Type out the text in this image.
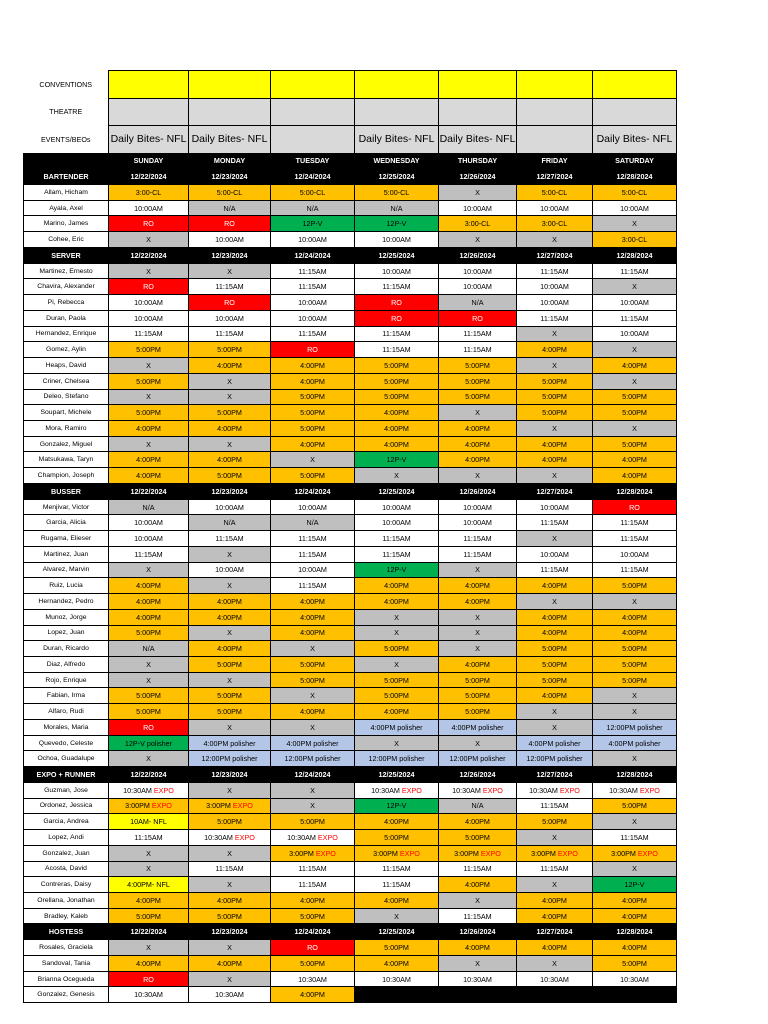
CONVENTIONS							
THEATRE							
EVENTS/BEOs	Daily Bites- NFL	Daily Bites- NFL		Daily Bites- NFL	Daily Bites- NFL		Daily Bites- NFL
	SUNDAY	MONDAY	TUESDAY	WEDNESDAY	THURSDAY	FRIDAY	SATURDAY
BARTENDER	12/22/2024	12/23/2024	12/24/2024	12/25/2024	12/26/2024	12/27/2024	12/28/2024
Allam, Hicham	3:00-CL	5:00-CL	5:00-CL	5:00-CL	X	5:00-CL	5:00-CL
Ayala, Axel	10:00AM	N/A	N/A	N/A	10:00AM	10:00AM	10:00AM
Marino, James	RO	RO	12P-V	12P-V	3:00-CL	3:00-CL	X
Cohee, Eric	X	10:00AM	10:00AM	10:00AM	X	X	3:00-CL
SERVER	12/22/2024	12/23/2024	12/24/2024	12/25/2024	12/26/2024	12/27/2024	12/28/2024
Martinez, Ernesto	X	X	11:15AM	10:00AM	10:00AM	11:15AM	11:15AM
Chavira, Alexander	RO	11:15AM	11:15AM	11:15AM	10:00AM	10:00AM	X
Pi, Rebecca	10:00AM	RO	10:00AM	RO	N/A	10:00AM	10:00AM
Duran, Paola	10:00AM	10:00AM	10:00AM	RO	RO	11:15AM	11:15AM
Hernandez, Enrique	11:15AM	11:15AM	11:15AM	11:15AM	11:15AM	X	10:00AM
Gomez, Aylin	5:00PM	5:00PM	RO	11:15AM	11:15AM	4:00PM	X
Heaps, David	X	4:00PM	4:00PM	5:00PM	5:00PM	X	4:00PM
Criner, Chelsea	5:00PM	X	4:00PM	5:00PM	5:00PM	5:00PM	X
Deleo, Stefano	X	X	5:00PM	5:00PM	5:00PM	5:00PM	5:00PM
Soupart, Michele	5:00PM	5:00PM	5:00PM	4:00PM	X	5:00PM	5:00PM
Mora, Ramiro	4:00PM	4:00PM	5:00PM	4:00PM	4:00PM	X	X
Gonzalez, Miguel	X	X	4:00PM	4:00PM	4:00PM	4:00PM	5:00PM
Matsukawa, Taryn	4:00PM	4:00PM	X	12P-V	4:00PM	4:00PM	4:00PM
Champion, Joseph	4:00PM	5:00PM	5:00PM	X	X	X	4:00PM
BUSSER	12/22/2024	12/23/2024	12/24/2024	12/25/2024	12/26/2024	12/27/2024	12/28/2024
Menjivar, Victor	N/A	10:00AM	10:00AM	10:00AM	10:00AM	10:00AM	RO
Garcia, Alicia	10:00AM	N/A	N/A	10:00AM	10:00AM	11:15AM	11:15AM
Rugama, Elieser	10:00AM	11:15AM	11:15AM	11:15AM	11:15AM	X	11:15AM
Martinez, Juan	11:15AM	X	11:15AM	11:15AM	11:15AM	10:00AM	10:00AM
Alvarez, Marvin	X	10:00AM	10:00AM	12P-V	X	11:15AM	11:15AM
Ruiz, Lucia	4:00PM	X	11:15AM	4:00PM	4:00PM	4:00PM	5:00PM
Hernandez, Pedro	4:00PM	4:00PM	4:00PM	4:00PM	4:00PM	X	X
Munoz, Jorge	4:00PM	4:00PM	4:00PM	X	X	4:00PM	4:00PM
Lopez, Juan	5:00PM	X	4:00PM	X	X	4:00PM	4:00PM
Duran, Ricardo	N/A	4:00PM	X	5:00PM	X	5:00PM	5:00PM
Diaz, Alfredo	X	5:00PM	5:00PM	X	4:00PM	5:00PM	5:00PM
Rojo, Enrique	X	X	5:00PM	5:00PM	5:00PM	5:00PM	5:00PM
Fabian, Irma	5:00PM	5:00PM	X	5:00PM	5:00PM	4:00PM	X
Alfaro, Rudi	5:00PM	5:00PM	4:00PM	4:00PM	5:00PM	X	X
Morales, Maria	RO	X	X	4:00PM polisher	4:00PM polisher	X	12:00PM polisher
Quevedo, Celeste	12P-V polisher	4:00PM polisher	4:00PM polisher	X	X	4:00PM polisher	4:00PM polisher
Ochoa, Guadalupe	X	12:00PM polisher	12:00PM polisher	12:00PM polisher	12:00PM polisher	12:00PM polisher	X
EXPO + RUNNER	12/22/2024	12/23/2024	12/24/2024	12/25/2024	12/26/2024	12/27/2024	12/28/2024
Guzman, Jose	10:30AM EXPO	X	X	10:30AM EXPO	10:30AM EXPO	10:30AM EXPO	10:30AM EXPO
Ordonez, Jessica	3:00PM EXPO	3:00PM EXPO	X	12P-V	N/A	11:15AM	5:00PM
Garcia, Andrea	10AM- NFL	5:00PM	5:00PM	4:00PM	4:00PM	5:00PM	X
Lopez, Andi	11:15AM	10:30AM EXPO	10:30AM EXPO	5:00PM	5:00PM	X	11:15AM
Gonzalez, Juan	X	X	3:00PM EXPO	3:00PM EXPO	3:00PM EXPO	3:00PM EXPO	3:00PM EXPO
Acosta, David	X	11:15AM	11:15AM	11:15AM	11:15AM	11:15AM	X
Contreras, Daisy	4:00PM- NFL	X	11:15AM	11:15AM	4:00PM	X	12P-V
Orellana, Jonathan	4:00PM	4:00PM	4:00PM	4:00PM	X	4:00PM	4:00PM
Bradley, Kaleb	5:00PM	5:00PM	5:00PM	X	11:15AM	4:00PM	4:00PM
HOSTESS	12/22/2024	12/23/2024	12/24/2024	12/25/2024	12/26/2024	12/27/2024	12/28/2024
Rosales, Graciela	X	X	RO	5:00PM	4:00PM	4:00PM	4:00PM
Sandoval, Tania	4:00PM	4:00PM	5:00PM	4:00PM	X	X	5:00PM
Brianna Ocegueda	RO	X	10:30AM	10:30AM	10:30AM	10:30AM	10:30AM
Gonzalez, Genesis	10:30AM	10:30AM	4:00PM				
